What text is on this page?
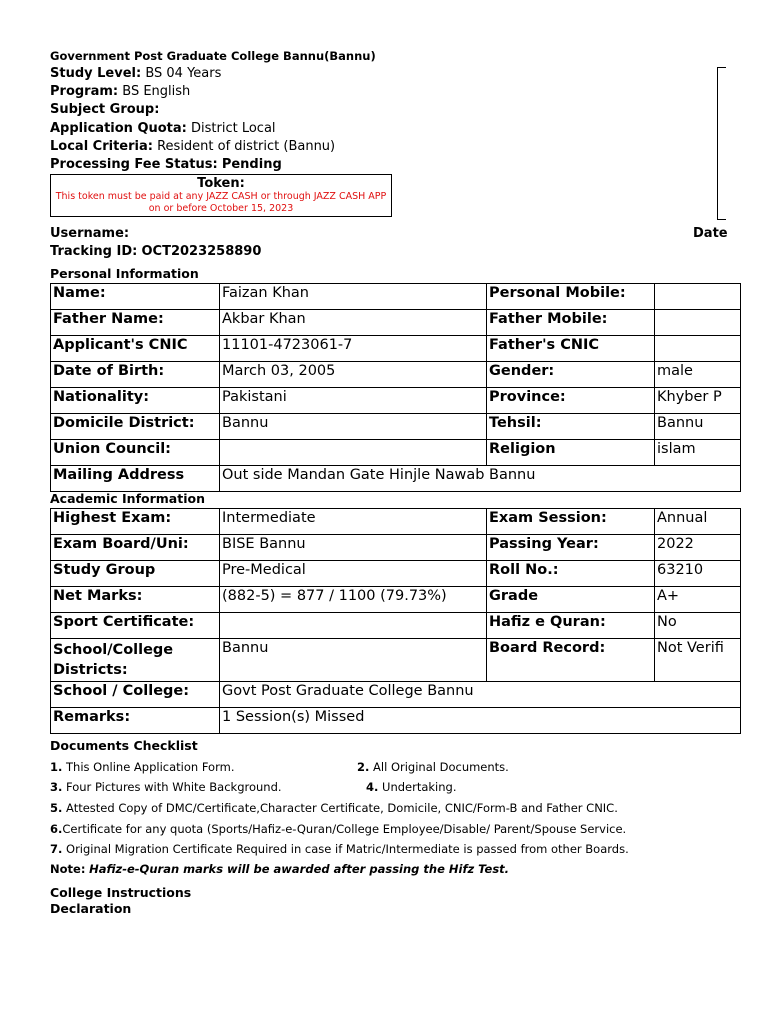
Government Post Graduate College Bannu(Bannu)
Study Level: BS 04 Years
Program: BS English
Subject Group:
Application Quota: District Local
Local Criteria: Resident of district (Bannu)
Processing Fee Status: Pending
Token:
This token must be paid at any JAZZ CASH or through JAZZ CASH APP on or before October 15, 2023
Date
Username:
Tracking ID: OCT2023258890
Personal Information
Name:	Faizan Khan	Personal Mobile:	
Father Name:	Akbar Khan	Father Mobile:	
Applicant's CNIC	11101-4723061-7	Father's CNIC	
Date of Birth:	March 03, 2005	Gender:	male
Nationality:	Pakistani	Province:	Khyber P
Domicile District:	Bannu	Tehsil:	Bannu
Union Council:		Religion	islam
Mailing Address	Out side Mandan Gate Hinjle Nawab Bannu		
Academic Information
Highest Exam:	Intermediate	Exam Session:	Annual
Exam Board/Uni:	BISE Bannu	Passing Year:	2022
Study Group	Pre-Medical	Roll No.:	63210
Net Marks:	(882-5) = 877 / 1100 (79.73%)	Grade	A+
Sport Certificate:		Hafiz e Quran:	No
School/College Districts:	Bannu	Board Record:	Not Verifi
School / College:	Govt Post Graduate College Bannu		
Remarks:	1 Session(s) Missed		
Documents Checklist
1. This Online Application Form.	2. All Original Documents.
3. Four Pictures with White Background.	4. Undertaking.
5. Attested Copy of DMC/Certificate,Character Certificate, Domicile, CNIC/Form-B and Father CNIC.
6.Certificate for any quota (Sports/Hafiz-e-Quran/College Employee/Disable/ Parent/Spouse Service.
7. Original Migration Certificate Required in case if Matric/Intermediate is passed from other Boards.
Note: Hafiz-e-Quran marks will be awarded after passing the Hifz Test.
College Instructions
Declaration
